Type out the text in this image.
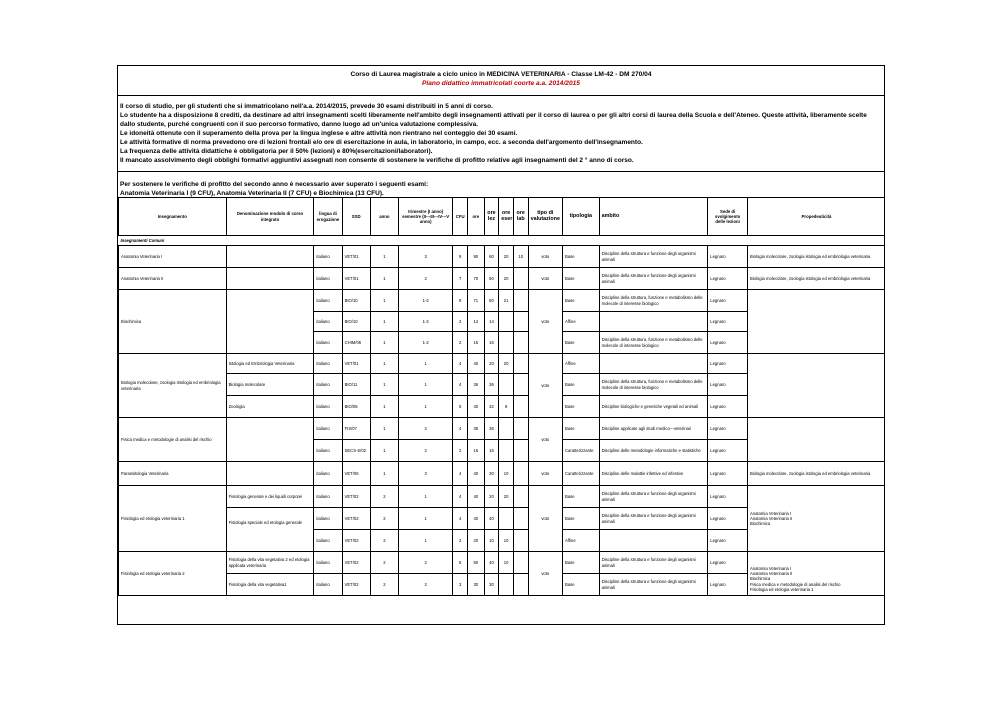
Corso di Laurea magistrale a ciclo unico in MEDICINA VETERINARIA - Classe LM-42 - DM 270/04
Piano didattico immatricolati coorte a.a. 2014/2015

Il corso di studio, per gli studenti che si immatricolano nell'a.a. 2014/2015, prevede 30 esami distribuiti in 5 anni di corso.

Lo studente ha a disposizione 8 crediti, da destinare ad altri insegnamenti scelti liberamente nell'ambito degli insegnamenti attivati per il corso di laurea o per gli altri corsi di laurea della Scuola e dell'Ateneo. Queste attività, liberamente scelte dallo studente, purché congruenti con il suo percorso formativo, danno luogo ad un'unica valutazione complessiva.

Le idoneità ottenute con il superamento della prova per la lingua inglese e altre attività non rientrano nel conteggio dei 30 esami.

Le attività formative di norma prevedono ore di lezioni frontali e/o ore di esercitazione in aula, in laboratorio, in campo, ecc. a seconda dell'argomento dell'insegnamento.

La frequenza delle attività didattiche è obbligatoria per il 50% (lezioni) e 80%(esercitazioni/laboratori).

Il mancato assolvimento degli obblighi formativi aggiuntivi assegnati non consente di sostenere le verifiche di profitto relative agli insegnamenti del 2 ° anno di corso.

Per sostenere le verifiche di profitto del secondo anno è necessario aver superato i seguenti esami:
Anatomia Veterinaria I (9 CFU), Anatomia Veterinaria II (7 CFU) e Biochimica (13 CFU).
Insegnamento	Denominazione modulo di corso integrato	lingua di erogazione	SSD	anno	trimestre (I anno) semestre (II---III---IV---V anno)	CFU	ore	ore lez	ore eser	ore lab	tipo di valutazione	tipologia	ambito	Sede di svolgimento delle lezioni	Propedeuticità
Insegnamenti Comuni															
Anatomia Veterinaria I		italiano	VET/01	1	3	9	90	60	20	10	voto	Base	Discipline della struttura e funzione degli organismi animali	Legnaro	Biologia molecolare, zoologia istologia ed embriologia veterinaria
Anatomia Veterinaria II		italiano	VET/01	1	2	7	70	50	20		voto	Base	Discipline della struttura e funzione degli organismi animali	Legnaro	Biologia molecolare, zoologia istologia ed embriologia veterinaria
Biochimica		italiano	BIO/10	1	1-2	9	71	50	21		voto	Base	Discipline della struttura, funzione e metabolismo delle molecole di interesse biologico	Legnaro	
		italiano	BIO/10	1	1-2	2	14	14				Affine		Legnaro	
		italiano	CHIM/06	1	1-2	2	16	16				Base	Discipline della struttura, funzione e metabolismo delle molecole di interesse biologico	Legnaro	
Biologia molecolare, zoologia istologia ed embriologia veterinaria	Istologia ed Embriologia Veterinaria	italiano	VET/01	1	1	4	40	20	20		voto	Affine		Legnaro	
	Biologia molecolare	italiano	BIO/11	1	1	4	36	36				Base	Discipline della struttura, funzione e metabolismo delle molecole di interesse biologico	Legnaro	
	Zoologia	italiano	BIO/05	1	1	5	40	32	8			Base	Discipline biologiche e genetiche vegetali ed animali	Legnaro	
Fisica medica e metodologie di analisi del rischio		italiano	FIS/07	1	2	4	36	36			voto	Base	Discipline applicate agli studi medico---veterinari	Legnaro	
		italiano	SECS-S/02	1	2	2	16	16				Caratterizzante	Discipline delle metodologie informatiche e statistiche	Legnaro	
Parassitologia Veterinaria		italiano	VET/06	1	3	4	40	30	10		voto	Caratterizzante	Discipline delle malattie infettive ed infestive	Legnaro	Biologia molecolare, zoologia istologia ed embriologia veterinaria
Fisiologia ed etologia veterinaria 1	Fisiologia generale e dei liquidi corporei	italiano	VET/02	2	1	4	40	20	20		voto	Base	Discipline della struttura e funzione degli organismi animali	Legnaro	Anatomia Veterinaria I
Anatomia Veterinaria II
Biochimica

	Fisiologia speciale ed etologia generale	italiano	VET/02	2	1	4	40	40				Base	Discipline della struttura e funzione degli organismi animali	Legnaro	
		italiano	VET/02	2	1	2	20	10	10			Affine		Legnaro	
Fisiologia ed etologia veterinaria 2	Fisiologia della vita vegetativa 2 ed etologia applicata veterinaria	italiano	VET/02	2	2	5	50	40	10		voto	Base	Discipline della struttura e funzione degli organismi animali	Legnaro	Anatomia Veterinaria I
Anatomia Veterinaria II
Biochimica
Fisica medica e metodologie di analisi del rischio
Fisiologia ed etologia veterinaria 1

	Fisiologia della vita vegetativa1	italiano	VET/02	2	2	3	30	30				Base	Discipline della struttura e funzione degli organismi animali	Legnaro	
